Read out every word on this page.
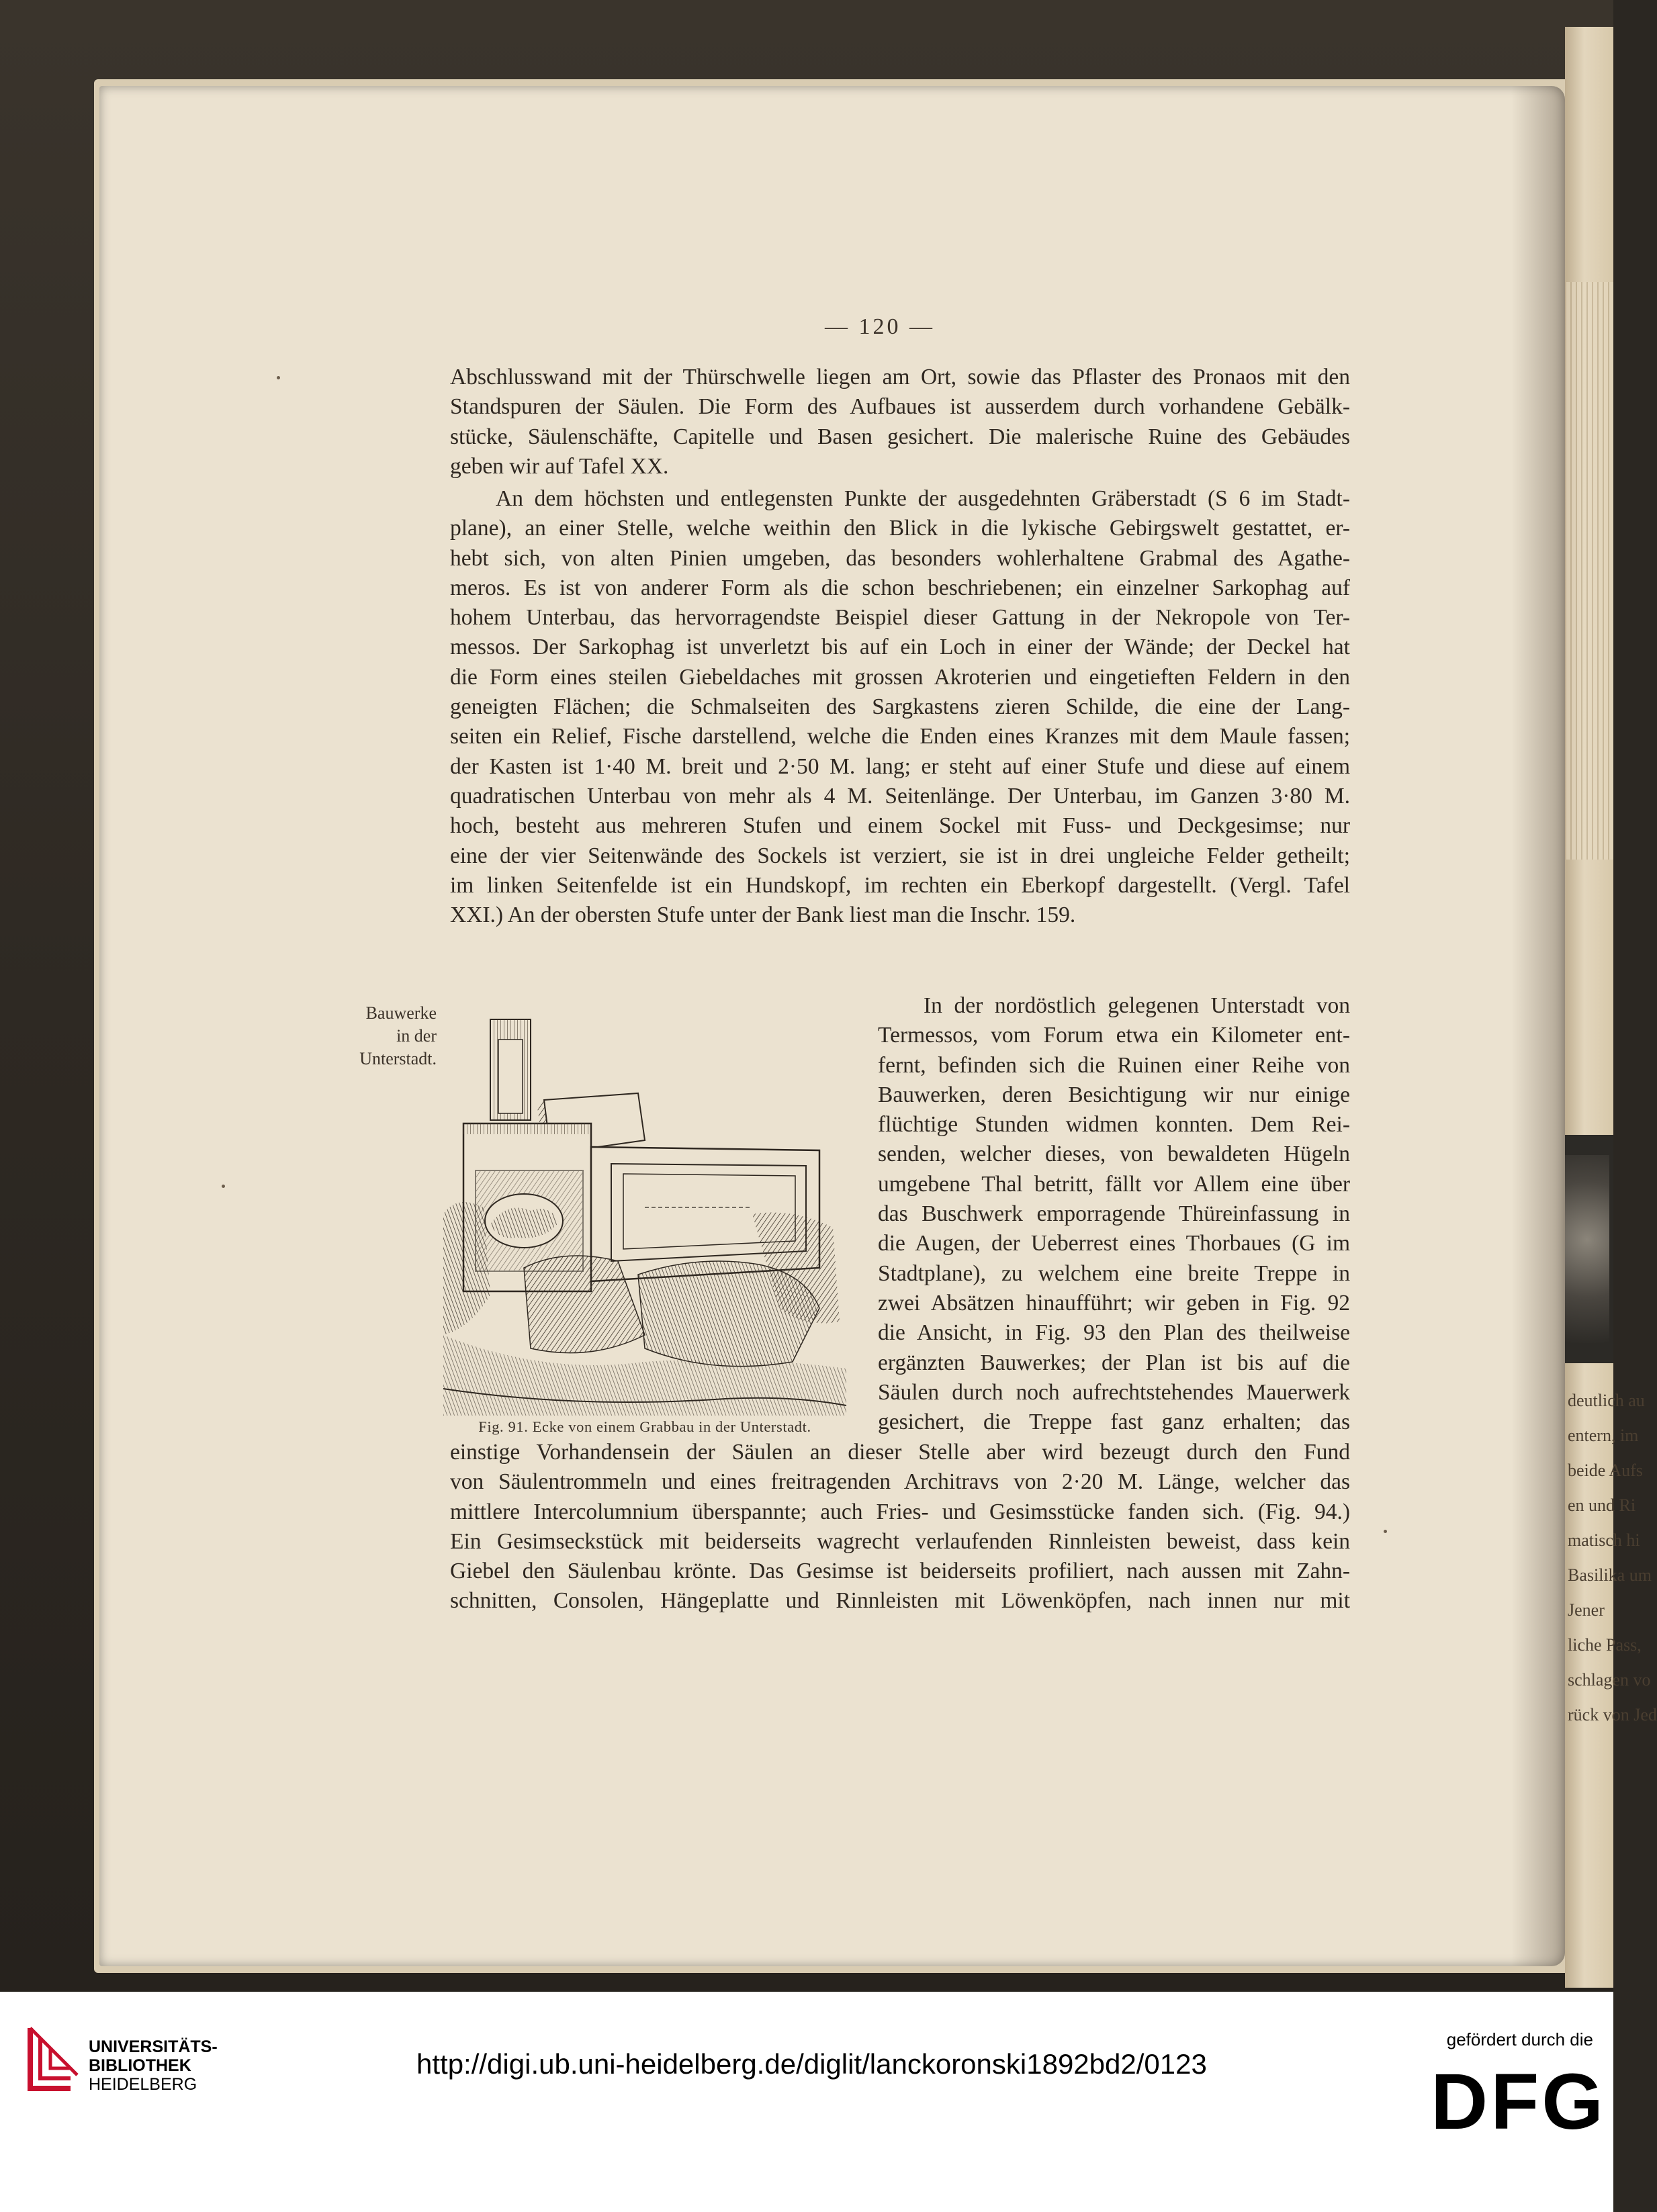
deutlich au
entern, im
beide Aufs
en und Ri
matisch hi
Basilika um
Jener
liche Pass,
schlagen vo
rück von Jed
— 120 —
Abschlusswand mit der Thürschwelle liegen am Ort, sowie das Pflaster des Pronaos mit den
Standspuren der Säulen. Die Form des Aufbaues ist ausserdem durch vorhandene Gebälk-
stücke, Säulenschäfte, Capitelle und Basen gesichert. Die malerische Ruine des Gebäudes
geben wir auf Tafel XX.
An dem höchsten und entlegensten Punkte der ausgedehnten Gräberstadt (S 6 im Stadt-
plane), an einer Stelle, welche weithin den Blick in die lykische Gebirgswelt gestattet, er-
hebt sich, von alten Pinien umgeben, das besonders wohlerhaltene Grabmal des Agathe-
meros. Es ist von anderer Form als die schon beschriebenen; ein einzelner Sarkophag auf
hohem Unterbau, das hervorragendste Beispiel dieser Gattung in der Nekropole von Ter-
messos. Der Sarkophag ist unverletzt bis auf ein Loch in einer der Wände; der Deckel hat
die Form eines steilen Giebeldaches mit grossen Akroterien und eingetieften Feldern in den
geneigten Flächen; die Schmalseiten des Sargkastens zieren Schilde, die eine der Lang-
seiten ein Relief, Fische darstellend, welche die Enden eines Kranzes mit dem Maule fassen;
der Kasten ist 1·40 M. breit und 2·50 M. lang; er steht auf einer Stufe und diese auf einem
quadratischen Unterbau von mehr als 4 M. Seitenlänge. Der Unterbau, im Ganzen 3·80 M.
hoch, besteht aus mehreren Stufen und einem Sockel mit Fuss- und Deckgesimse; nur
eine der vier Seitenwände des Sockels ist verziert, sie ist in drei ungleiche Felder getheilt;
im linken Seitenfelde ist ein Hundskopf, im rechten ein Eberkopf dargestellt. (Vergl. Tafel
XXI.) An der obersten Stufe unter der Bank liest man die Inschr. 159.
In der nordöstlich gelegenen Unterstadt von
Termessos, vom Forum etwa ein Kilometer ent-
fernt, befinden sich die Ruinen einer Reihe von
Bauwerken, deren Besichtigung wir nur einige
flüchtige Stunden widmen konnten. Dem Rei-
senden, welcher dieses, von bewaldeten Hügeln
umgebene Thal betritt, fällt vor Allem eine über
das Buschwerk emporragende Thüreinfassung in
die Augen, der Ueberrest eines Thorbaues (G im
Stadtplane), zu welchem eine breite Treppe in
zwei Absätzen hinaufführt; wir geben in Fig. 92
die Ansicht, in Fig. 93 den Plan des theilweise
ergänzten Bauwerkes; der Plan ist bis auf die
Säulen durch noch aufrechtstehendes Mauerwerk
gesichert, die Treppe fast ganz erhalten; das
einstige Vorhandensein der Säulen an dieser Stelle aber wird bezeugt durch den Fund
von Säulentrommeln und eines freitragenden Architravs von 2·20 M. Länge, welcher das
mittlere Intercolumnium überspannte; auch Fries- und Gesimsstücke fanden sich. (Fig. 94.)
Ein Gesimseckstück mit beiderseits wagrecht verlaufenden Rinnleisten beweist, dass kein
Giebel den Säulenbau krönte. Das Gesimse ist beiderseits profiliert, nach aussen mit Zahn-
schnitten, Consolen, Hängeplatte und Rinnleisten mit Löwenköpfen, nach innen nur mit
Bauwerke
in der
Unterstadt.
Fig. 91. Ecke von einem Grabbau in der Unterstadt.
UNIVERSITÄTS-
BIBLIOTHEK
HEIDELBERG
http://digi.ub.uni-heidelberg.de/diglit/lanckoronski1892bd2/0123
gefördert durch die
DFG
